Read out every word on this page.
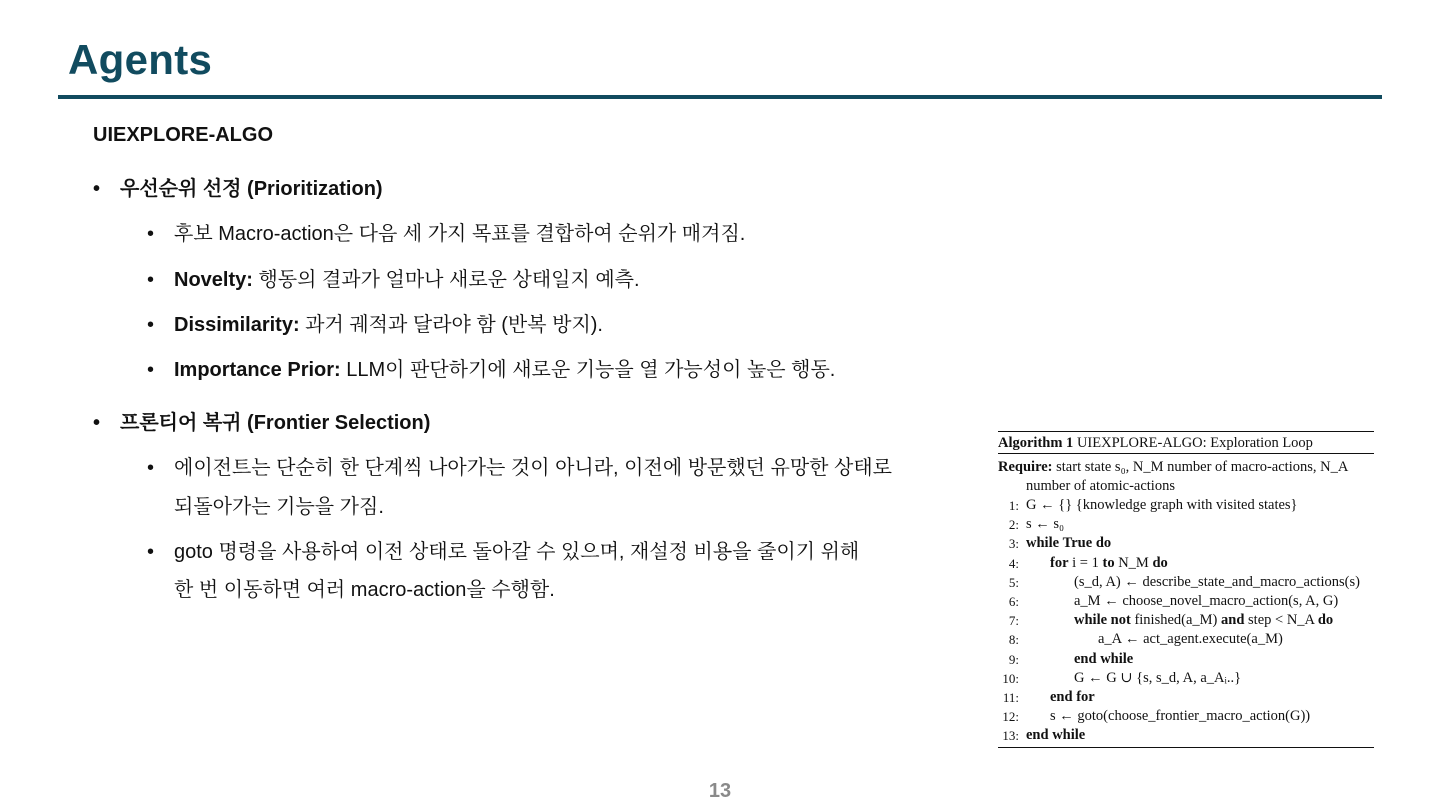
Agents
UIEXPLORE-ALGO
• 우선순위 선정 (Prioritization)
• 후보 Macro-action은 다음 세 가지 목표를 결합하여 순위가 매겨짐.
• Novelty: 행동의 결과가 얼마나 새로운 상태일지 예측.
• Dissimilarity: 과거 궤적과 달라야 함 (반복 방지).
• Importance Prior: LLM이 판단하기에 새로운 기능을 열 가능성이 높은 행동.
• 프론티어 복귀 (Frontier Selection)
• 에이전트는 단순히 한 단계씩 나아가는 것이 아니라, 이전에 방문했던 유망한 상태로
되돌아가는 기능을 가짐.
• goto 명령을 사용하여 이전 상태로 돌아갈 수 있으며, 재설정 비용을 줄이기 위해
한 번 이동하면 여러 macro-action을 수행함.
Algorithm 1 UIEXPLORE-ALGO: Exploration Loop
Require: start state s₀, N_M number of macro-actions, N_A
number of atomic-actions
1: G ← {} {knowledge graph with visited states}
2: s ← s₀
3: while True do
4: for i = 1 to N_M do
5:	(s_d, A) ← describe_state_and_macro_actions(s)
6:	a_M ← choose_novel_macro_action(s, A, G)
7:	while not finished(a_M) and step < N_A do
8:	a_A ← act_agent.execute(a_M)
9:	end while
10:	G ← G ∪ {s, s_d, A, a_Aᵢ..}
11: end for
12: s ← goto(choose_frontier_macro_action(G))
13: end while
13
